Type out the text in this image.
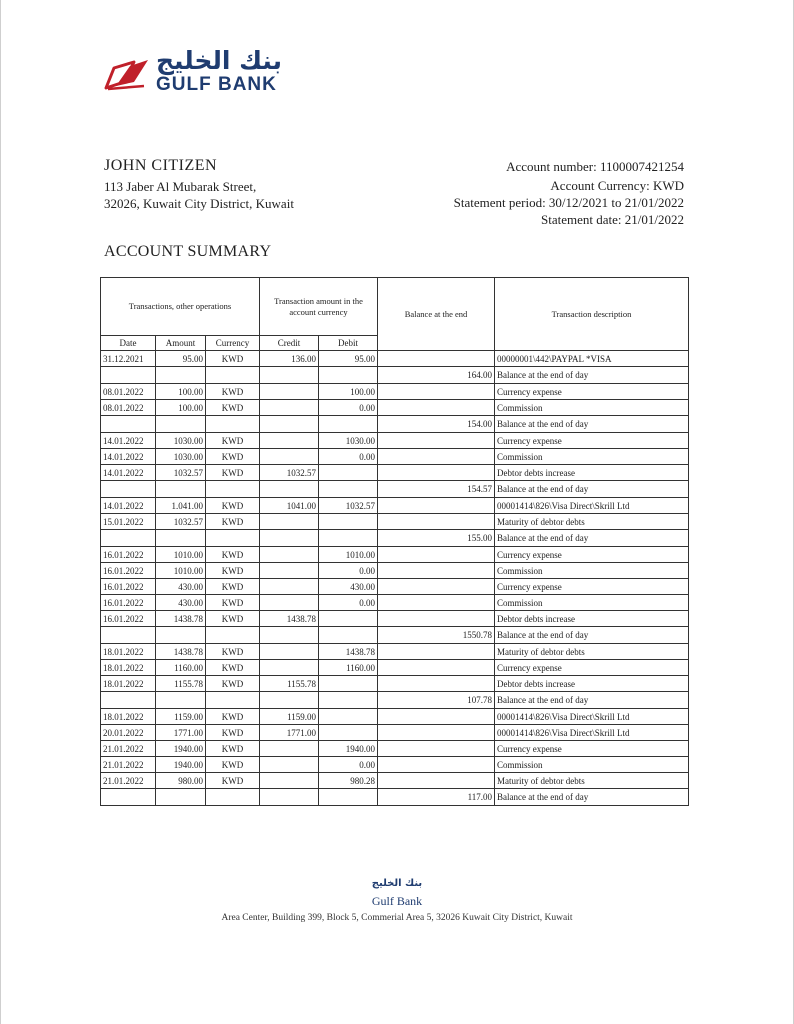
بنك الخليج
GULF BANK
JOHN CITIZEN
113 Jaber Al Mubarak Street,
32026, Kuwait City District, Kuwait
Account number: 1100007421254
Account Currency: KWD
Statement period: 30/12/2021 to 21/01/2022
Statement date: 21/01/2022
ACCOUNT SUMMARY
Transactions, other operations			Transaction amount in the account currency		Balance at the end	Transaction description
Date	Amount	Currency	Credit	Debit		
31.12.2021	95.00	KWD	136.00	95.00		00000001\442\PAYPAL *VISA
					164.00	Balance at the end of day
08.01.2022	100.00	KWD		100.00		Currency expense
08.01.2022	100.00	KWD		0.00		Commission
					154.00	Balance at the end of day
14.01.2022	1030.00	KWD		1030.00		Currency expense
14.01.2022	1030.00	KWD		0.00		Commission
14.01.2022	1032.57	KWD	1032.57			Debtor debts increase
					154.57	Balance at the end of day
14.01.2022	1.041.00	KWD	1041.00	1032.57		00001414\826\Visa Direct\Skrill Ltd
15.01.2022	1032.57	KWD				Maturity of debtor debts
					155.00	Balance at the end of day
16.01.2022	1010.00	KWD		1010.00		Currency expense
16.01.2022	1010.00	KWD		0.00		Commission
16.01.2022	430.00	KWD		430.00		Currency expense
16.01.2022	430.00	KWD		0.00		Commission
16.01.2022	1438.78	KWD	1438.78			Debtor debts increase
					1550.78	Balance at the end of day
18.01.2022	1438.78	KWD		1438.78		Maturity of debtor debts
18.01.2022	1160.00	KWD		1160.00		Currency expense
18.01.2022	1155.78	KWD	1155.78			Debtor debts increase
					107.78	Balance at the end of day
18.01.2022	1159.00	KWD	1159.00			00001414\826\Visa Direct\Skrill Ltd
20.01.2022	1771.00	KWD	1771.00			00001414\826\Visa Direct\Skrill Ltd
21.01.2022	1940.00	KWD		1940.00		Currency expense
21.01.2022	1940.00	KWD		0.00		Commission
21.01.2022	980.00	KWD		980.28		Maturity of debtor debts
					117.00	Balance at the end of day
بنك الخليج
Gulf Bank
Area Center, Building 399, Block 5, Commerial Area 5, 32026 Kuwait City District, Kuwait
